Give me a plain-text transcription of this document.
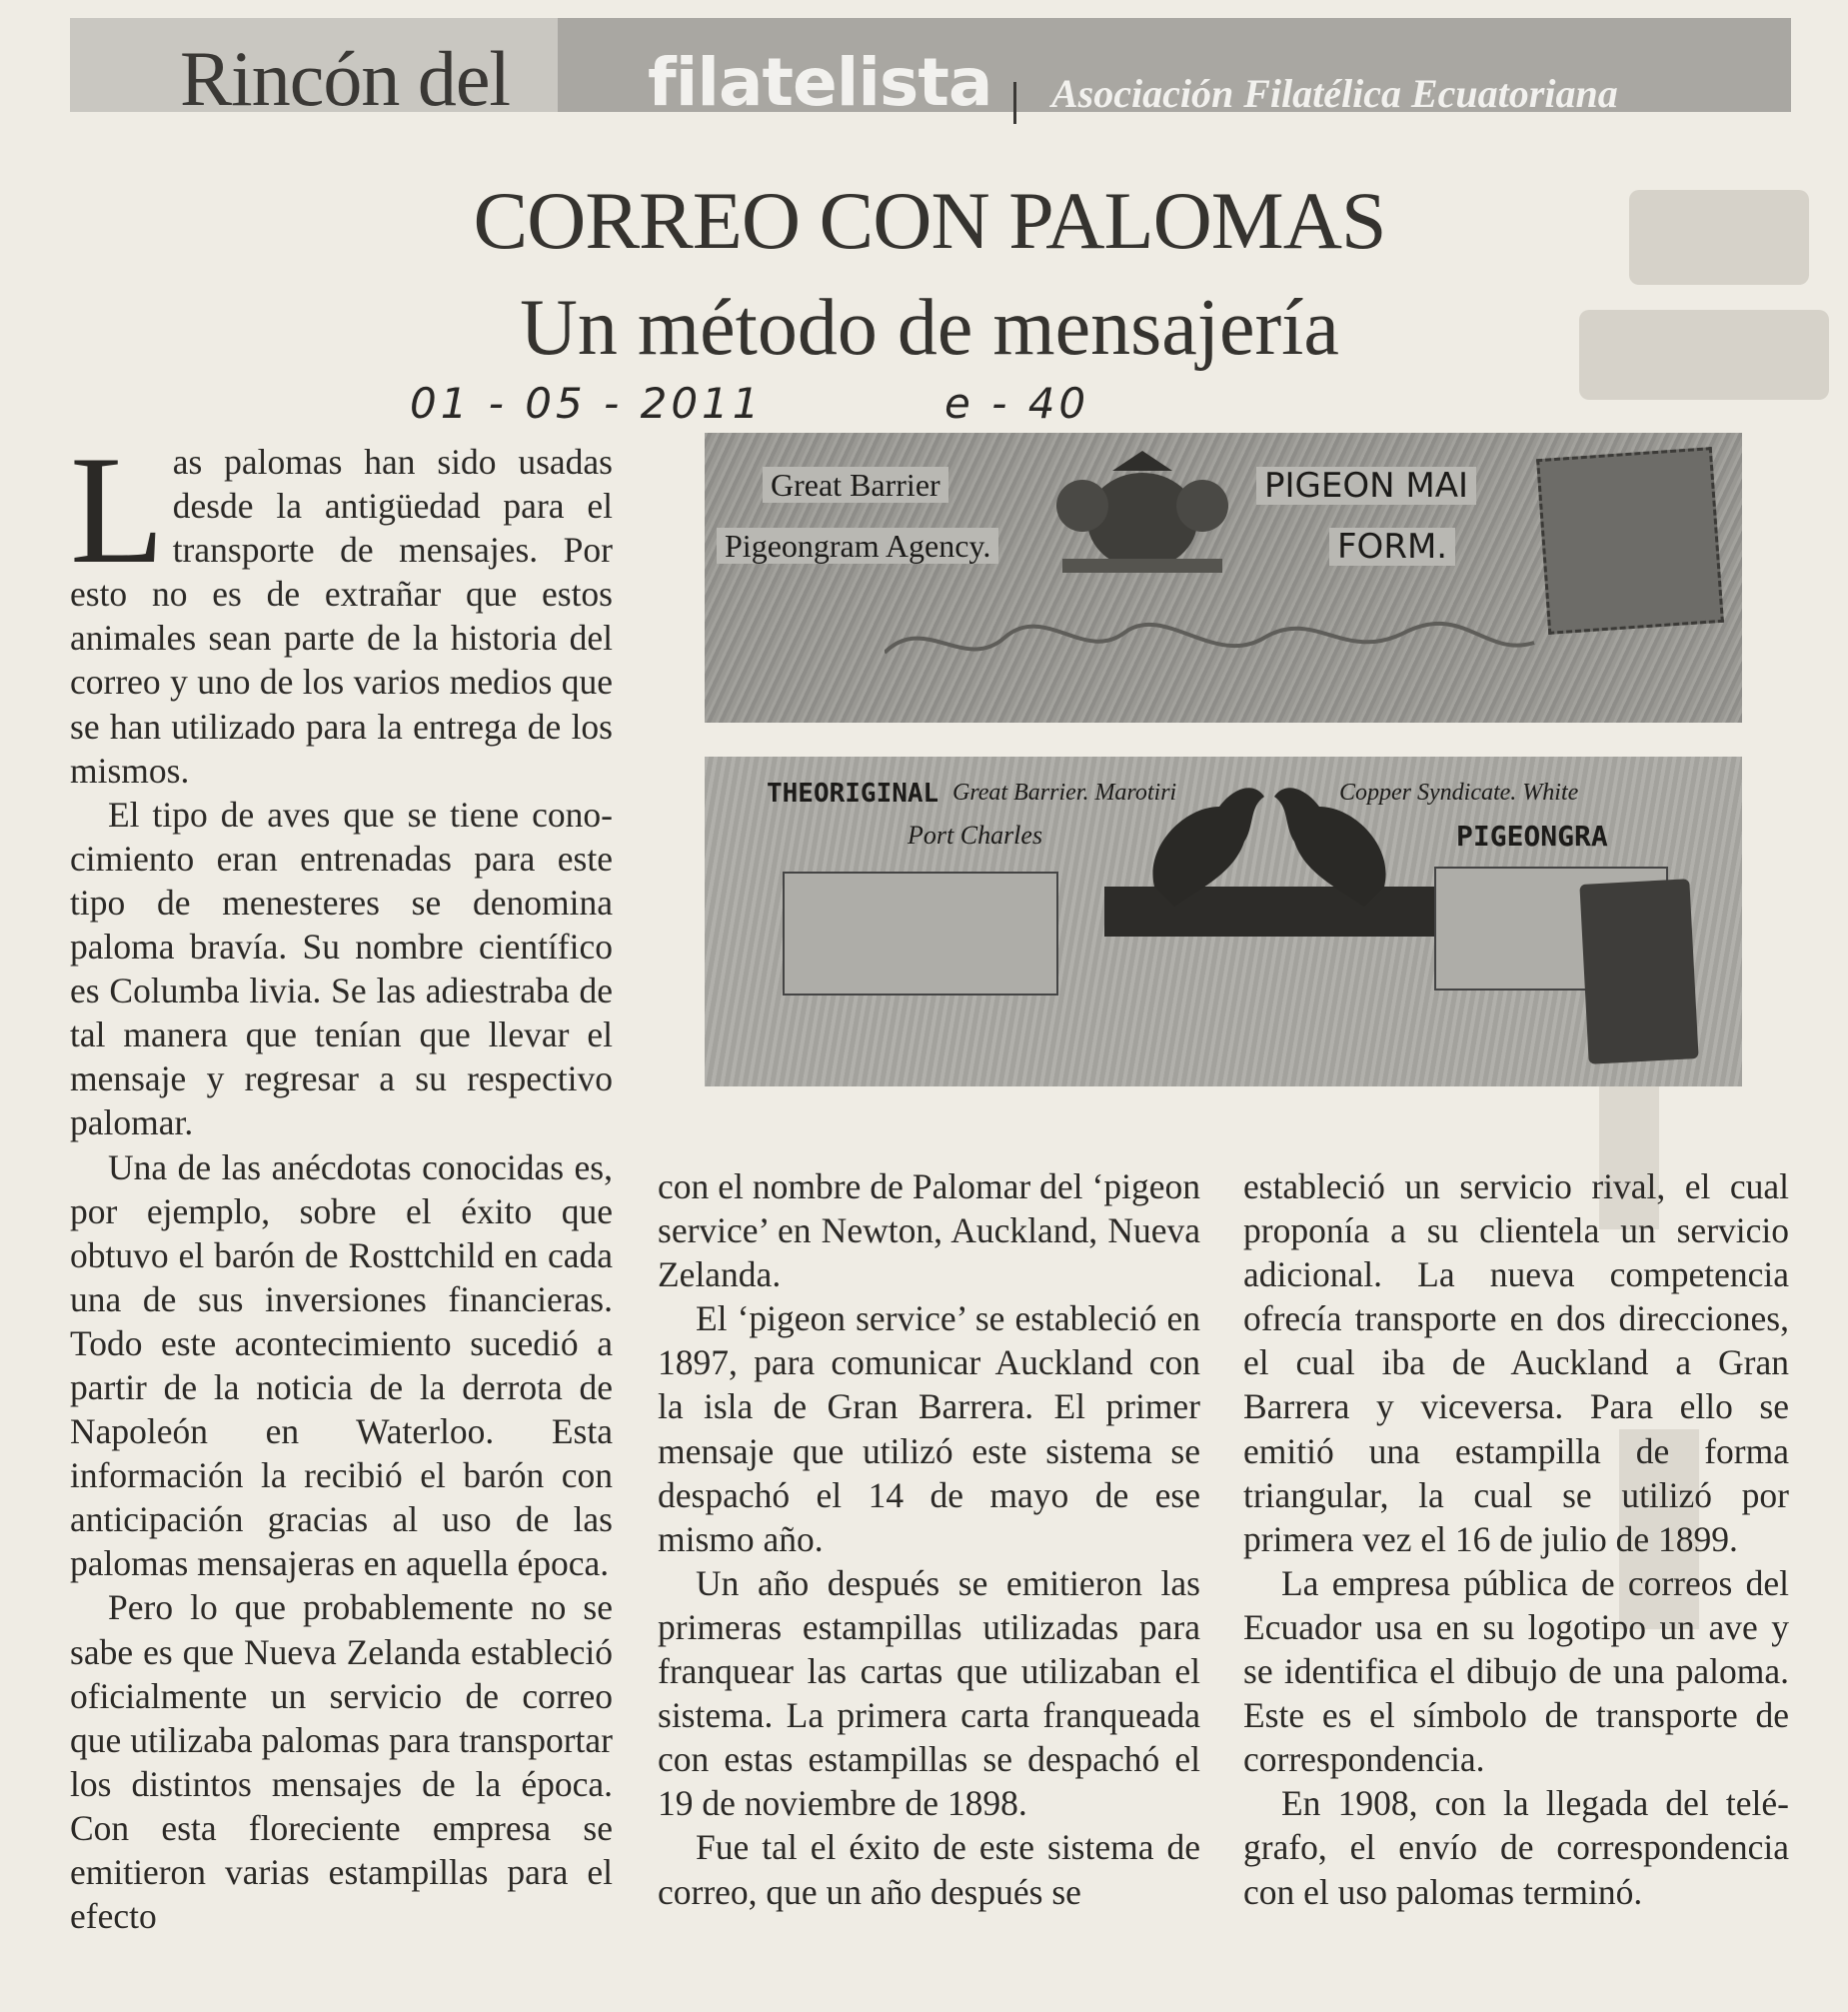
Rincón del filatelista Asociación Filatélica Ecuatoriana
CORREO CON PALOMAS
Un método de mensajería
01 - 05 - 2011	e - 40

Las palomas han sido usadas desde la antigüedad para el transporte de mensajes. Por esto no es de extrañar que estos animales sean parte de la historia del correo y uno de los varios medios que se han utilizado para la entrega de los mismos.

El tipo de aves que se tiene conocimiento eran entrenadas para este tipo de menesteres se denomina paloma bravía. Su nombre científico es Columba livia. Se las adiestraba de tal manera que tenían que llevar el mensaje y regresar a su respectivo palomar.

Una de las anécdotas conocidas es, por ejemplo, sobre el éxito que obtuvo el barón de Rosttchild en cada una de sus inversiones financieras. Todo este acontecimiento sucedió a partir de la noticia de la derrota de Napoleón en Waterloo. Esta información la recibió el barón con anticipación gracias al uso de las palomas mensajeras en aquella época.

Pero lo que probablemente no se sabe es que Nueva Zelanda estableció oficialmente un servicio de correo que utilizaba palomas para transportar los distintos mensajes de la época. Con esta floreciente empresa se emitieron varias estampillas para el efecto

Great Barrier
Pigeongram Agency.
PIGEON MAI
FORM.
THEORIGINAL Great Barrier. Marotiri
Port Charles
Copper Syndicate. White
PIGEONGRA

con el nombre de Palomar del ‘pigeon service’ en Newton, Auckland, Nueva Zelanda.

El ‘pigeon service’ se estableció en 1897, para comunicar Auckland con la isla de Gran Barrera. El primer mensaje que utilizó este sistema se despachó el 14 de mayo de ese mismo año.

Un año después se emitieron las primeras estampillas utilizadas para franquear las cartas que utilizaban el sistema. La primera carta franqueada con estas estampillas se despachó el 19 de noviembre de 1898.

Fue tal el éxito de este sistema de correo, que un año después se

estableció un servicio rival, el cual proponía a su clientela un servicio adicional. La nueva competencia ofrecía transporte en dos direcciones, el cual iba de Auckland a Gran Barrera y viceversa. Para ello se emitió una estampilla de forma triangular, la cual se utilizó por primera vez el 16 de julio de 1899.

La empresa pública de correos del Ecuador usa en su logotipo un ave y se identifica el dibujo de una paloma. Este es el símbolo de transporte de correspondencia.

En 1908, con la llegada del telégrafo, el envío de correspondencia con el uso palomas terminó.
